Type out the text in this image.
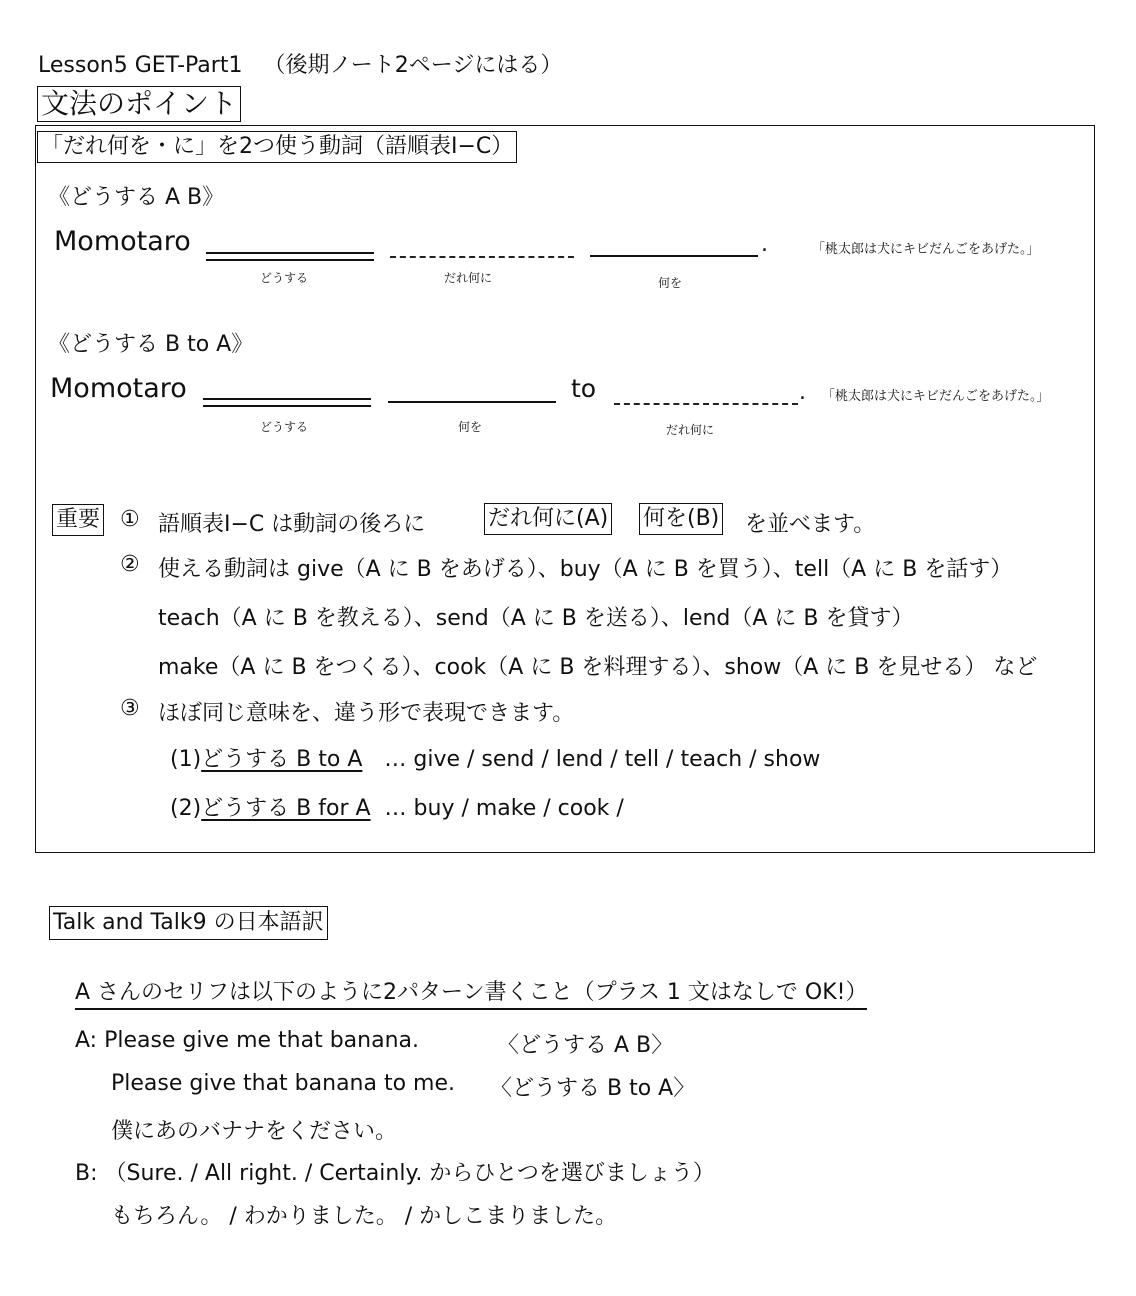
Lesson5 GET-Part1 （後期ノート2ページにはる）
文法のポイント
「だれ何を・に」を2つ使う動詞（語順表Ⅰ−C）
《どうする A B》
Momotaro	.	「桃太郎は犬にキビだんごをあげた。」
どうする	だれ何に	何を
《どうする B to A》
Momotaro	to	. 「桃太郎は犬にキビだんごをあげた。」
どうする	何を	だれ何に
重要 ① 語順表Ⅰ−C は動詞の後ろに	だれ何に(A) 何を(B) を並べます。
② 使える動詞は give（A に B をあげる）、buy（A に B を買う）、tell（A に B を話す）
teach（A に B を教える）、send（A に B を送る）、lend（A に B を貸す）
make（A に B をつくる）、cook（A に B を料理する）、show（A に B を見せる） など
③ ほぼ同じ意味を、違う形で表現できます。
(1)どうする B to A … give / send / lend / tell / teach / show
(2)どうする B for A … buy / make / cook /
Talk and Talk9 の日本語訳
A さんのセリフは以下のように2パターン書くこと（プラス 1 文はなしで OK!）
A: Please give me that banana.	〈どうする A B〉
Please give that banana to me. 〈どうする B to A〉
僕にあのバナナをください。
B: （Sure. / All right. / Certainly. からひとつを選びましょう）
もちろん。 / わかりました。 / かしこまりました。
